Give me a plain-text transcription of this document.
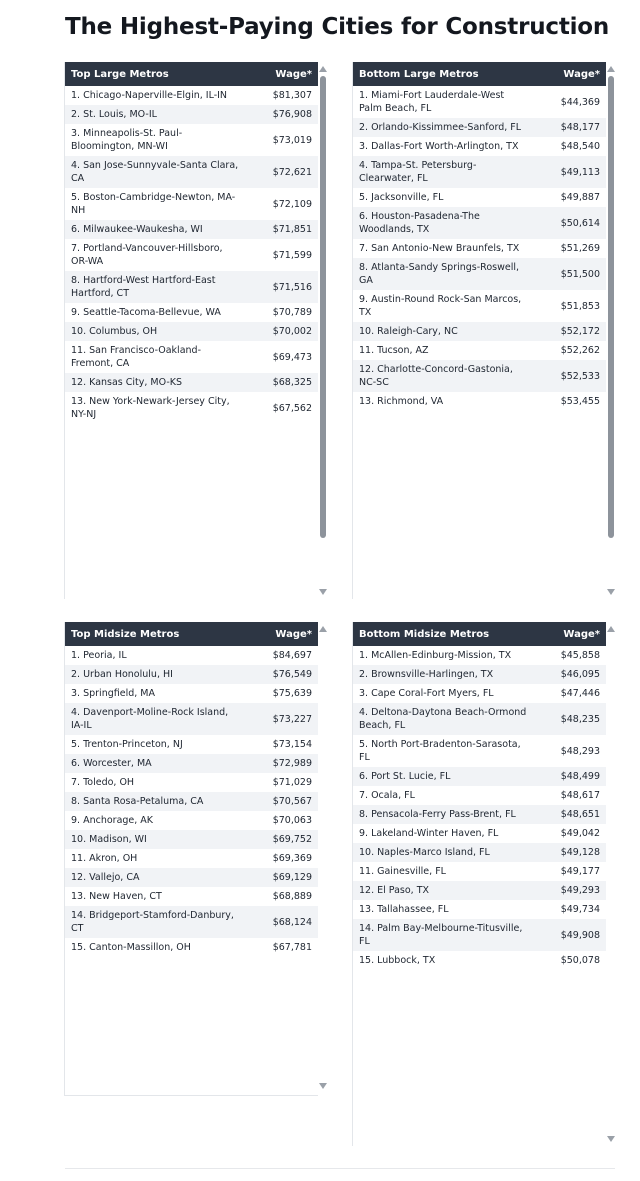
The Highest-Paying Cities for Construction
Top Large Metros	Wage*
1. Chicago-Naperville-Elgin, IL-IN	$81,307
2. St. Louis, MO-IL	$76,908
3. Minneapolis-St. Paul-Bloomington, MN-WI	$73,019
4. San Jose-Sunnyvale-Santa Clara, CA	$72,621
5. Boston-Cambridge-Newton, MA-NH	$72,109
6. Milwaukee-Waukesha, WI	$71,851
7. Portland-Vancouver-Hillsboro, OR-WA	$71,599
8. Hartford-West Hartford-East Hartford, CT	$71,516
9. Seattle-Tacoma-Bellevue, WA	$70,789
10. Columbus, OH	$70,002
11. San Francisco-Oakland-Fremont, CA	$69,473
12. Kansas City, MO-KS	$68,325
13. New York-Newark-Jersey City, NY-NJ	$67,562
Bottom Large Metros	Wage*
1. Miami-Fort Lauderdale-West Palm Beach, FL	$44,369
2. Orlando-Kissimmee-Sanford, FL	$48,177
3. Dallas-Fort Worth-Arlington, TX	$48,540
4. Tampa-St. Petersburg-Clearwater, FL	$49,113
5. Jacksonville, FL	$49,887
6. Houston-Pasadena-The Woodlands, TX	$50,614
7. San Antonio-New Braunfels, TX	$51,269
8. Atlanta-Sandy Springs-Roswell, GA	$51,500
9. Austin-Round Rock-San Marcos, TX	$51,853
10. Raleigh-Cary, NC	$52,172
11. Tucson, AZ	$52,262
12. Charlotte-Concord-Gastonia, NC-SC	$52,533
13. Richmond, VA	$53,455
Top Midsize Metros	Wage*
1. Peoria, IL	$84,697
2. Urban Honolulu, HI	$76,549
3. Springfield, MA	$75,639
4. Davenport-Moline-Rock Island, IA-IL	$73,227
5. Trenton-Princeton, NJ	$73,154
6. Worcester, MA	$72,989
7. Toledo, OH	$71,029
8. Santa Rosa-Petaluma, CA	$70,567
9. Anchorage, AK	$70,063
10. Madison, WI	$69,752
11. Akron, OH	$69,369
12. Vallejo, CA	$69,129
13. New Haven, CT	$68,889
14. Bridgeport-Stamford-Danbury, CT	$68,124
15. Canton-Massillon, OH	$67,781
Bottom Midsize Metros	Wage*
1. McAllen-Edinburg-Mission, TX	$45,858
2. Brownsville-Harlingen, TX	$46,095
3. Cape Coral-Fort Myers, FL	$47,446
4. Deltona-Daytona Beach-Ormond Beach, FL	$48,235
5. North Port-Bradenton-Sarasota, FL	$48,293
6. Port St. Lucie, FL	$48,499
7. Ocala, FL	$48,617
8. Pensacola-Ferry Pass-Brent, FL	$48,651
9. Lakeland-Winter Haven, FL	$49,042
10. Naples-Marco Island, FL	$49,128
11. Gainesville, FL	$49,177
12. El Paso, TX	$49,293
13. Tallahassee, FL	$49,734
14. Palm Bay-Melbourne-Titusville, FL	$49,908
15. Lubbock, TX	$50,078
